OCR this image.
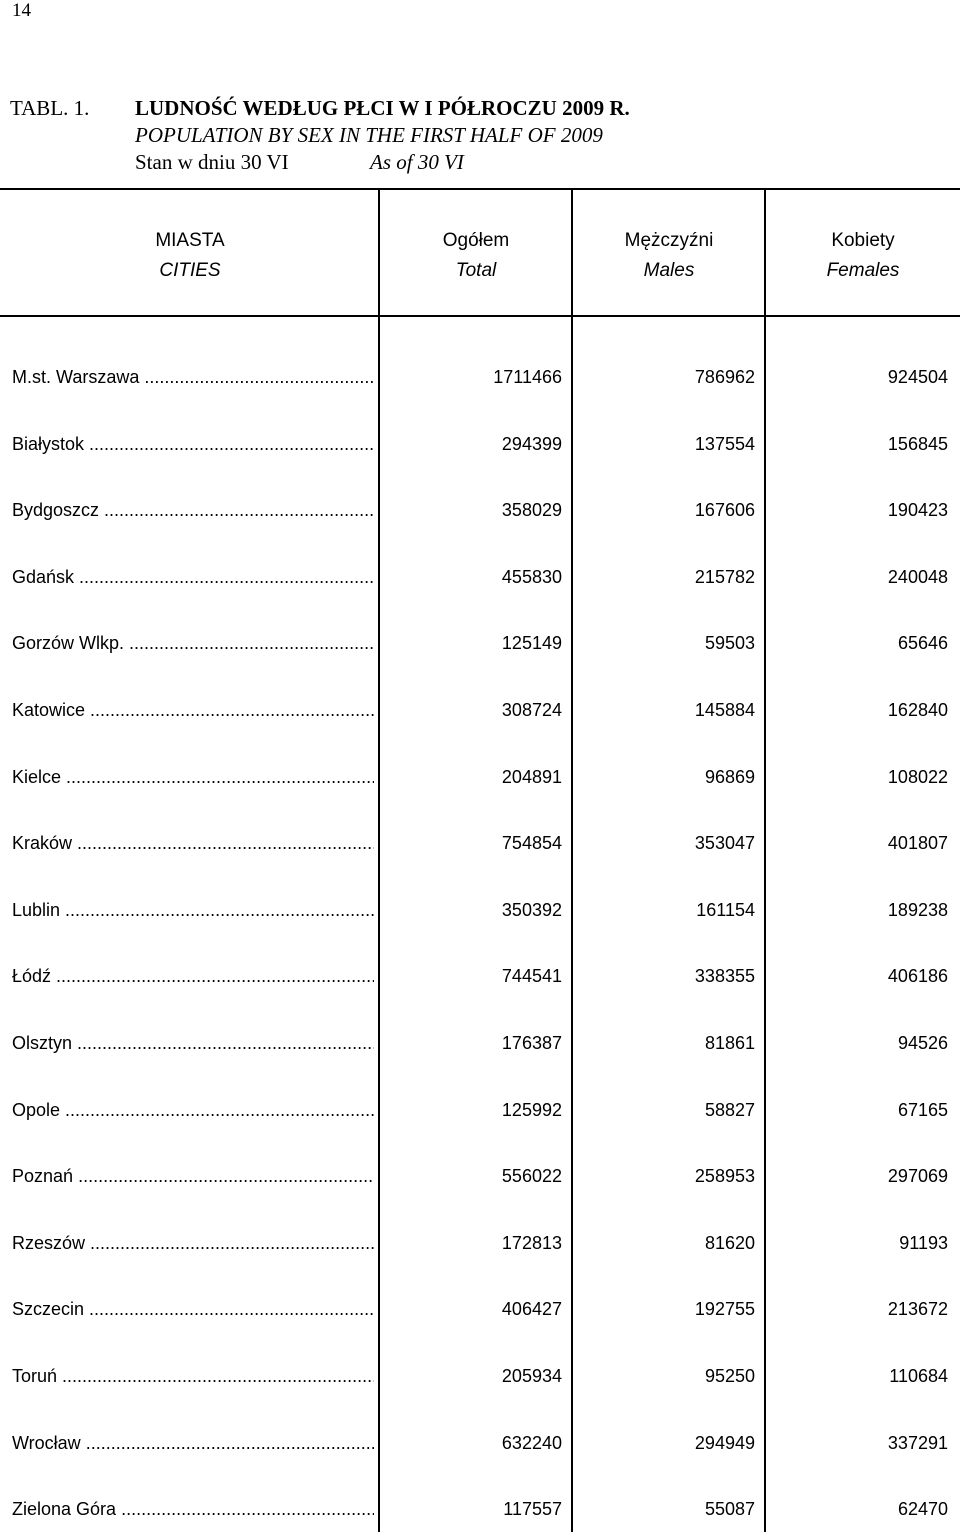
14
TABL. 1. LUDNOŚĆ WEDŁUG PŁCI W I PÓŁROCZU 2009 R.
POPULATION BY SEX IN THE FIRST HALF OF 2009
Stan w dniu 30 VI	As of 30 VI
MIASTA
CITIES
Ogółem
Total
Mężczyźni
Males
Kobiety
Females
M.st. Warszawa .....	1711466	786962	924504
Białystok .....	294399	137554	156845
Bydgoszcz .....	358029	167606	190423
Gdańsk .....	455830	215782	240048
Gorzów Wlkp. .....	125149	59503	65646
Katowice .....	308724	145884	162840
Kielce .....	204891	96869	108022
Kraków .....	754854	353047	401807
Lublin .....	350392	161154	189238
Łódź .....	744541	338355	406186
Olsztyn .....	176387	81861	94526
Opole .....	125992	58827	67165
Poznań .....	556022	258953	297069
Rzeszów .....	172813	81620	91193
Szczecin .....	406427	192755	213672
Toruń .....	205934	95250	110684
Wrocław .....	632240	294949	337291
Zielona Góra .....	117557	55087	62470
